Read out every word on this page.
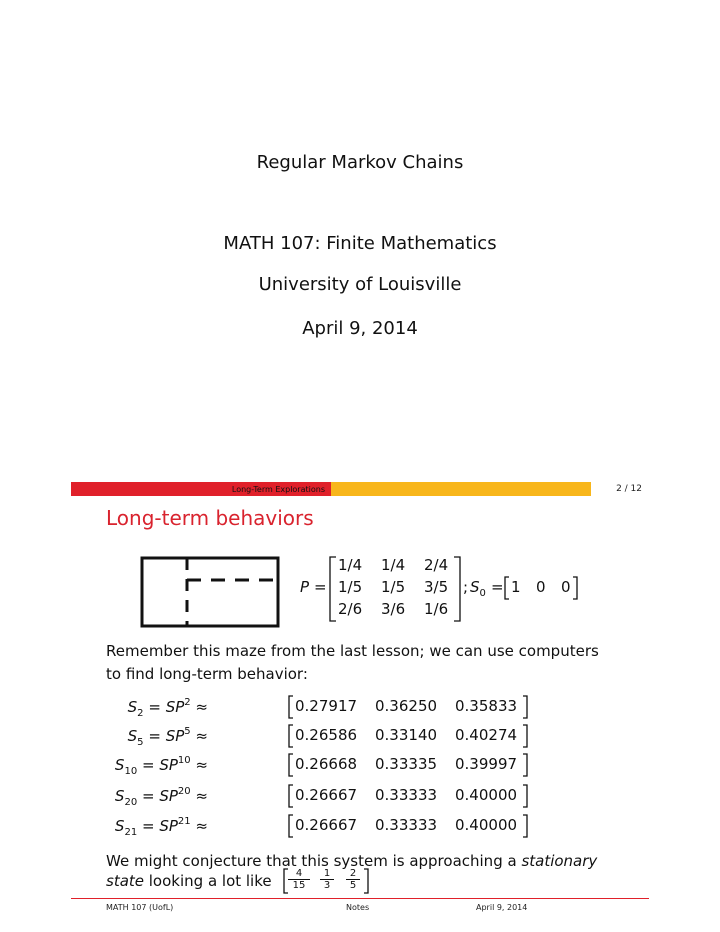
Regular Markov Chains
MATH 107: Finite Mathematics
University of Louisville
April 9, 2014
Long-Term Explorations	2 / 12
Long-term behaviors
P =
1/4 1/4 2/4
1/5 1/5 3/5
2/6 3/6 1/6
; $S_0 = 1$ 0 0
Remember this maze from the last lesson; we can use computers
to find long-term behavior:
$S_2 = SP^2$ ≈	0.27917 0.36250 0.35833
$S_5 = SP^5$ ≈	0.26586 0.33140 0.40274
$S_{10} = SP^{10}$ ≈	0.26668 0.33335 0.39997
$S_{20} = SP^{20}$ ≈	0.26667 0.33333 0.40000
$S_{21} = SP^{21}$ ≈	0.26667 0.33333 0.40000
We might conjecture that this system is approaching a stationary
state looking a lot like $\frac{4}{15} \frac{1}{3} \frac{2}{5}$
MATH 107 (UofL)	Notes	April 9, 2014
